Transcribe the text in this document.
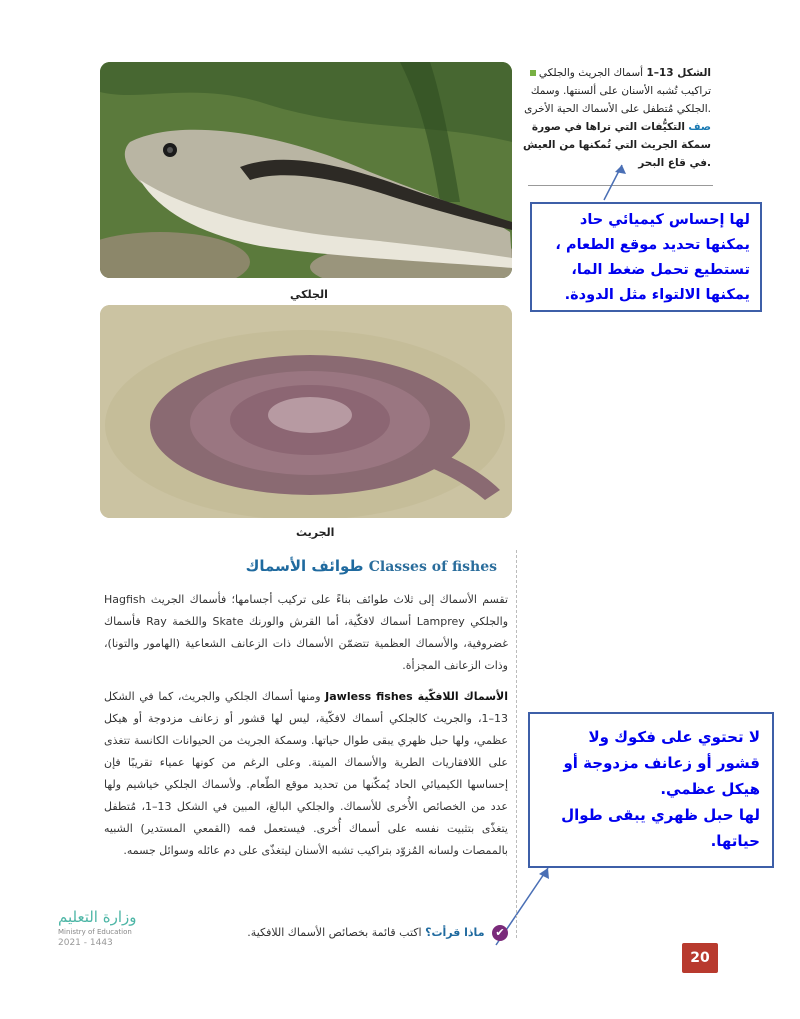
الجلكي
الجريث
الشكل 13–1 أسماك الجريث والجلكي تراكيب تُشبه الأسنان على ألسنتها. وسمك الجلكي مُتطفل على الأسماك الحية الأخرى.
صف التكيُّفات التي تراها في صورة سمكة الجريث التي تُمكنها من العيش في قاع البحر.
لها إحساس كيميائي حاد
يمكنها تحديد موقع الطعام ،
تستطيع تحمل ضغط الما،
يمكنها الالتواء مثل الدودة.
لا تحتوي على فكوك ولا
قشور أو زعانف مزدوجة أو
هيكل عظمي.
لها حبل ظهري يبقى طوال
حياتها.
طوائف الأسماك Classes of fishes
تقسم الأسماك إلى ثلاث طوائف بناءً على تركيب أجسامها؛ فأسماك الجريث Hagfish والجلكي Lamprey أسماك لافكّية، أما القرش والورنك Skate واللخمة Ray فأسماك غضروفية، والأسماك العظمية تتضمّن الأسماك ذات الزعانف الشعاعية (الهامور والتونا)، وذات الزعانف المجزأة.
الأسماك اللافكّية Jawless fishes ومنها أسماك الجلكي والجريث، كما في الشكل 13–1، والجريث كالجلكي أسماك لافكّية، ليس لها قشور أو زعانف مزدوجة أو هيكل عظمي، ولها حبل ظهري يبقى طوال حياتها. وسمكة الجريث من الحيوانات الكانسة تتغذى على اللافقاريات الطرية والأسماك الميتة. وعلى الرغم من كونها عمياء تقريبًا فإن إحساسها الكيميائي الحاد يُمكّنها من تحديد موقع الطّعام. ولأسماك الجلكي خياشيم ولها عدد من الخصائص الأُخرى للأسماك. والجلكي البالغ، المبين في الشكل 13–1، مُتطفل يتغذّى بتثبيت نفسه على أسماك أُخرى. فيستعمل فمه (القمعي المستدير) الشبيه بالممصات ولسانه المُزوّد بتراكيب تشبه الأسنان ليتغذّى على دم عائله وسوائل جسمه.
✔ ماذا قرأت؟ اكتب قائمة بخصائص الأسماك اللافكية.
وزارة التعليم
Ministry of Education
2021 - 1443
20
